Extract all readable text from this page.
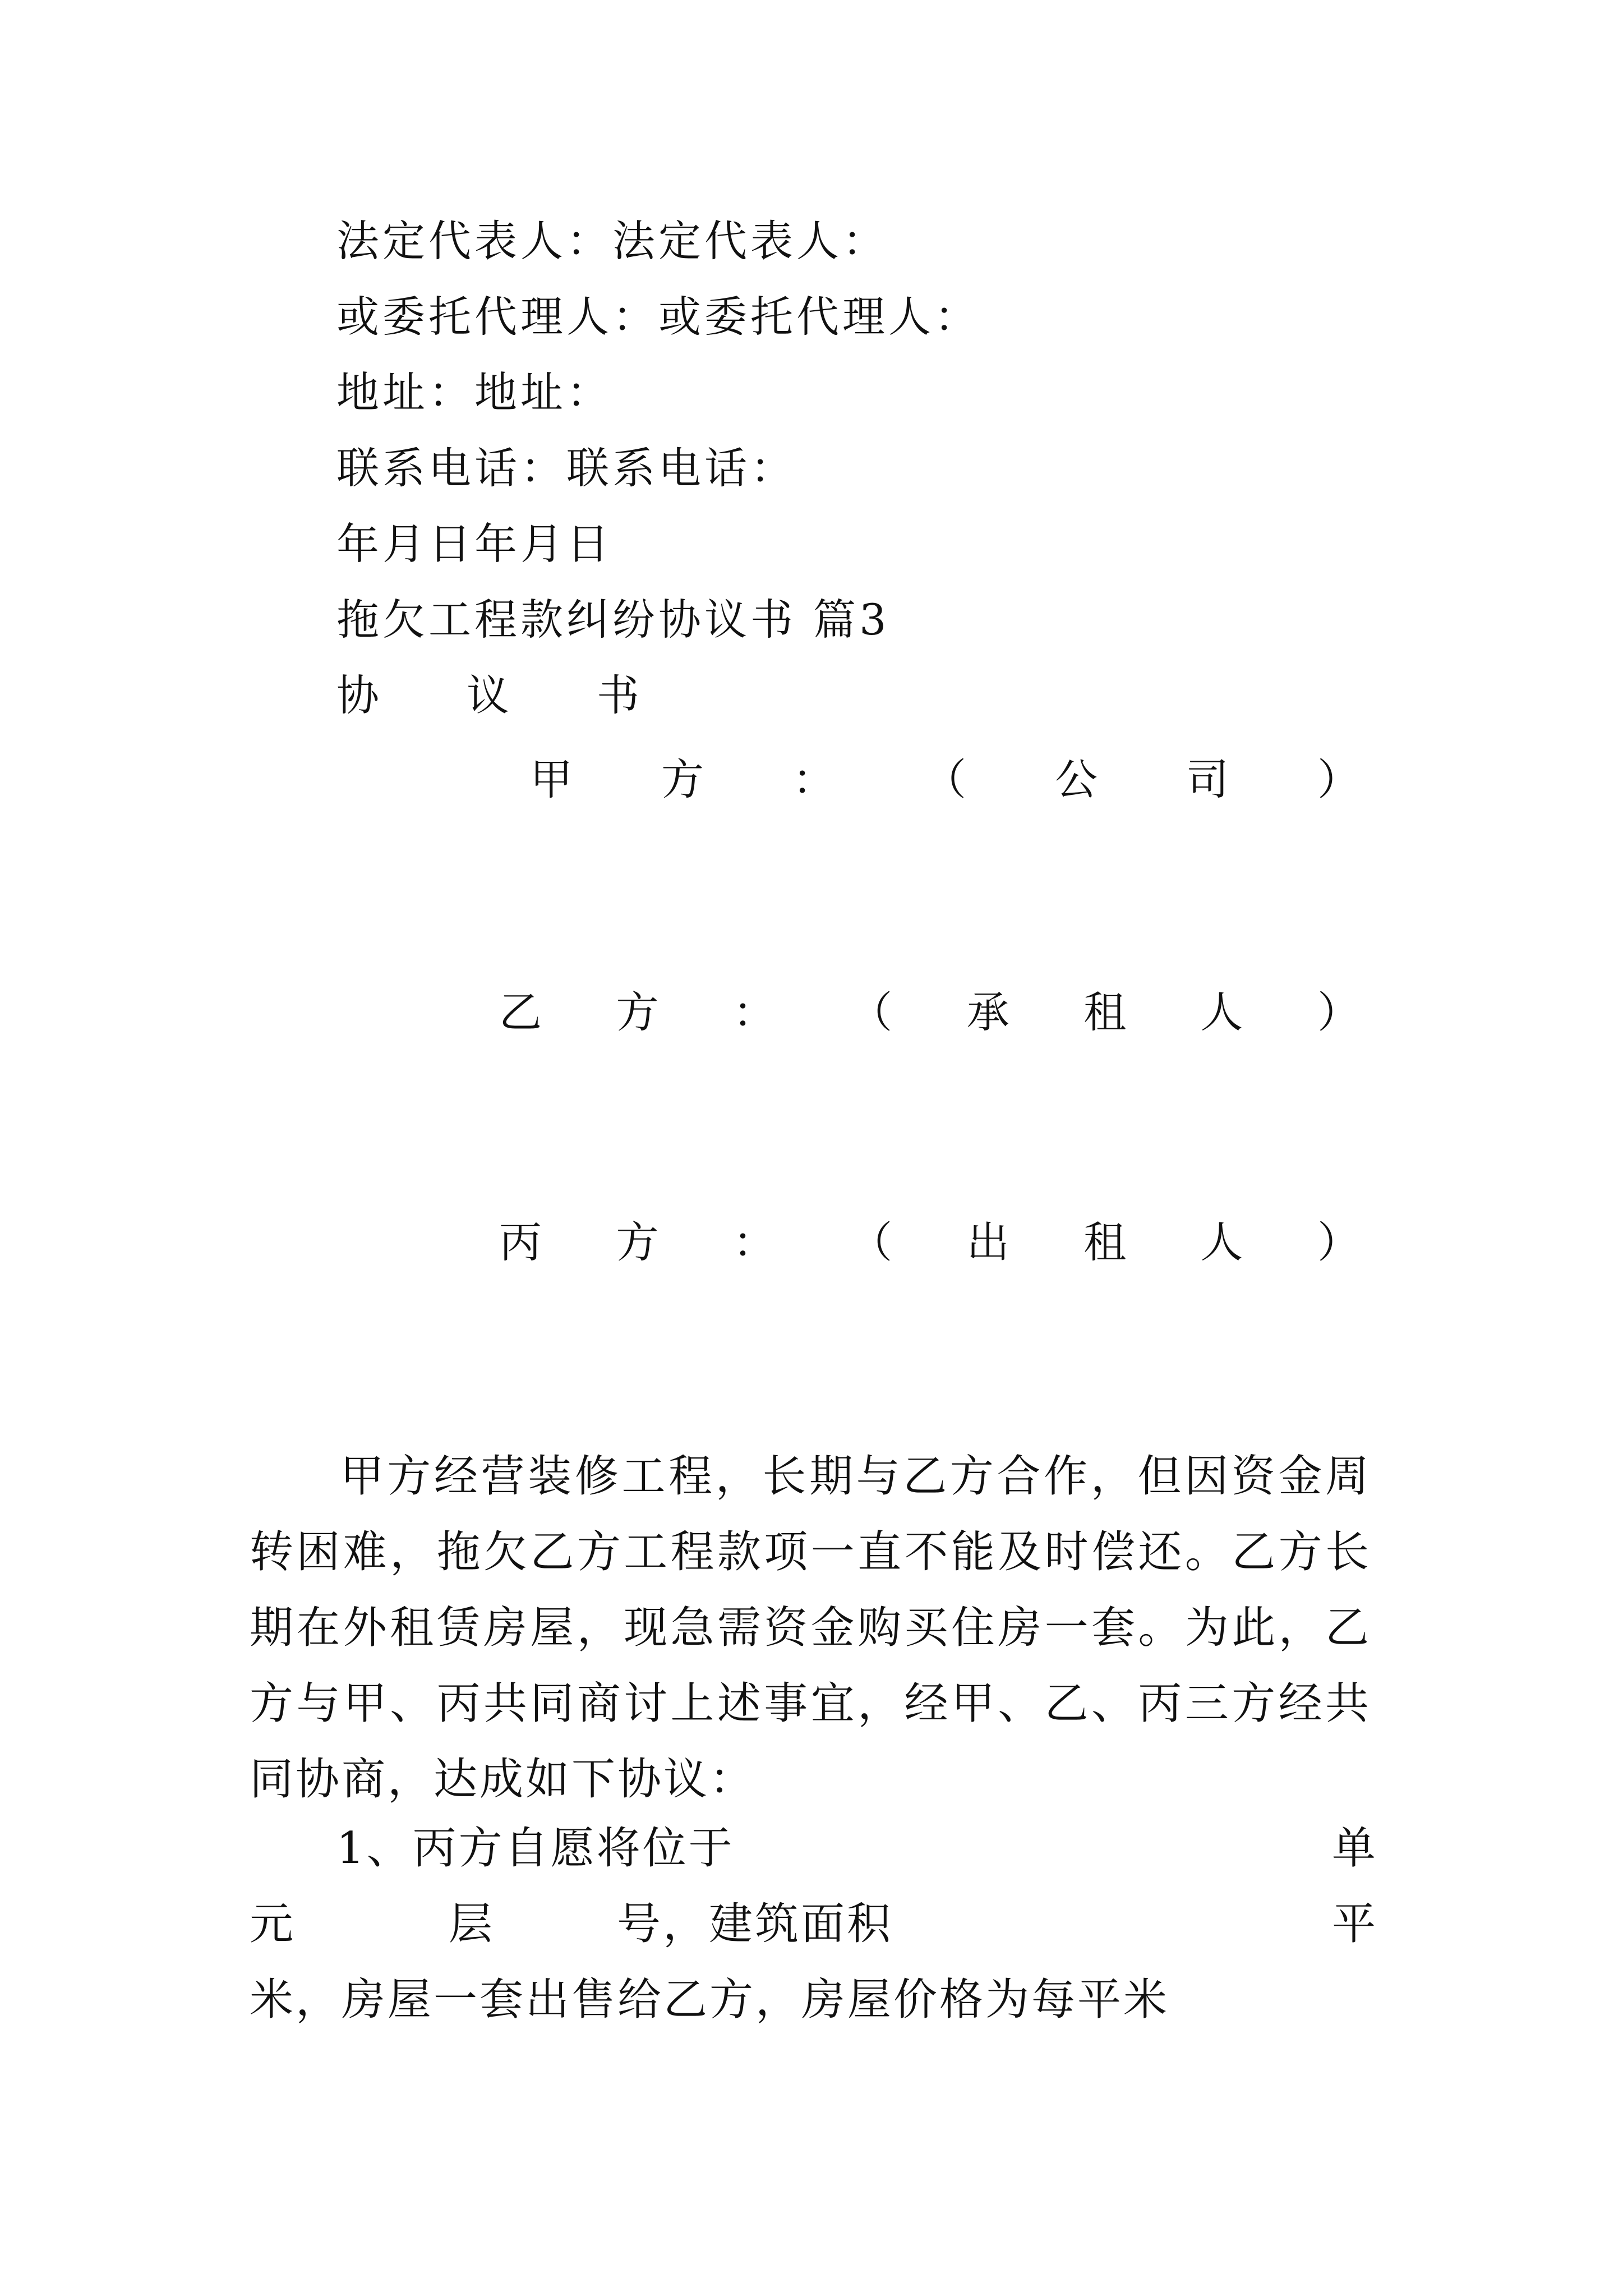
法定代表人：法定代表人：
或委托代理人：或委托代理人：
地址：地址：
联系电话：联系电话：
年月日年月日
拖欠工程款纠纷协议书 篇3
协 议 书
甲 方 ： （ 公 司 ）
乙 方 ： （ 承 租 人 ）
丙 方 ： （ 出 租 人 ）
甲方经营装修工程，长期与乙方合作，但因资金周转困难，拖欠乙方工程款项一直不能及时偿还。乙方长期在外租赁房屋，现急需资金购买住房一套。为此，乙方与甲、丙共同商讨上述事宜，经甲、乙、丙三方经共同协商，达成如下协议：
1、丙方自愿将位于	单
元	层	号，建筑面积	平
米，房屋一套出售给乙方，房屋价格为每平米
